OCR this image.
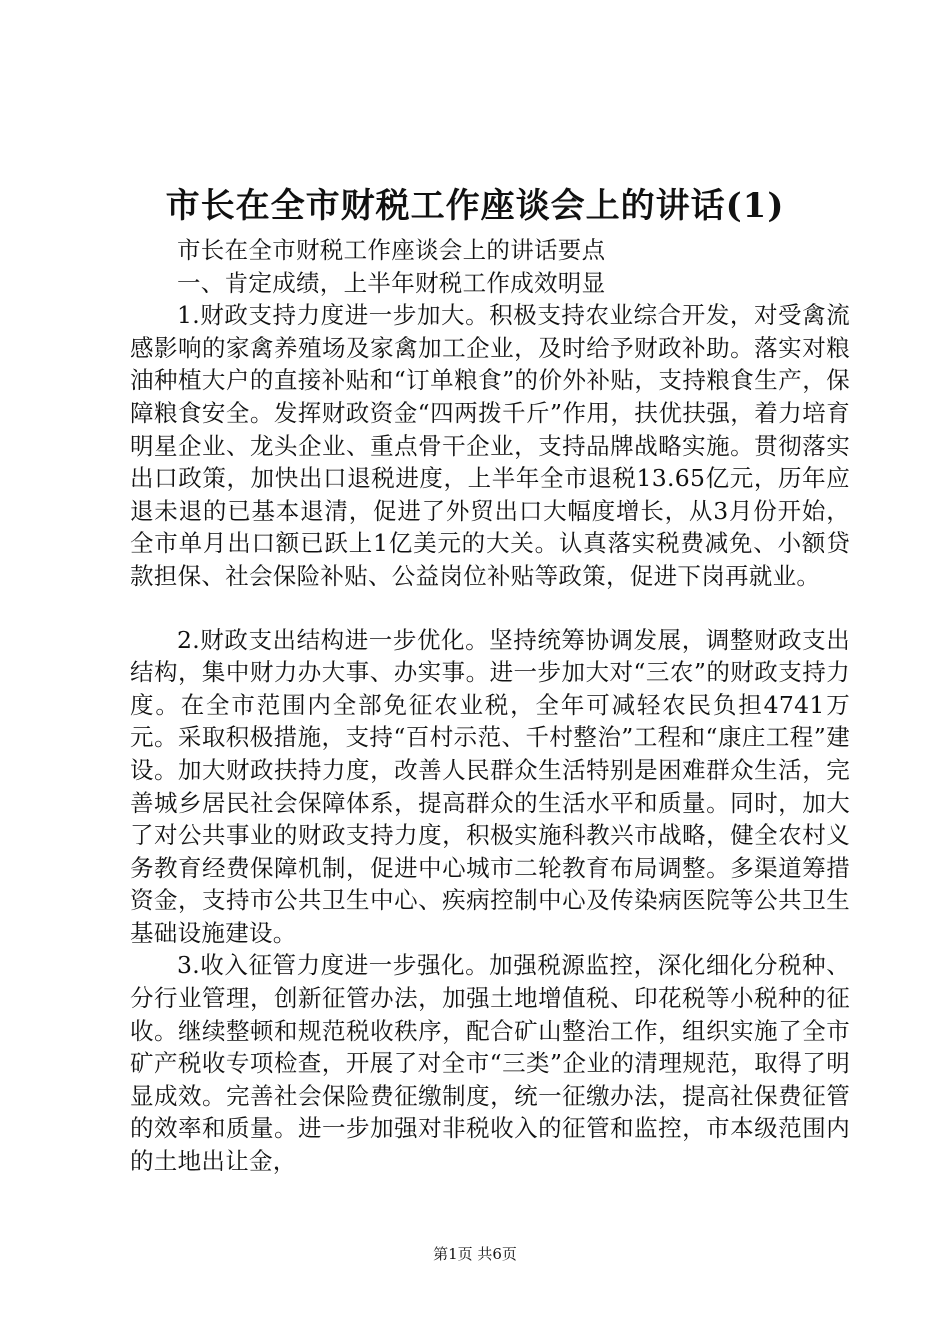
市长在全市财税工作座谈会上的讲话(1)

市长在全市财税工作座谈会上的讲话要点

一、肯定成绩，上半年财税工作成效明显

1.财政支持力度进一步加大。积极支持农业综合开发，对受禽流感影响的家禽养殖场及家禽加工企业，及时给予财政补助。落实对粮油种植大户的直接补贴和“订单粮食”的价外补贴，支持粮食生产，保障粮食安全。发挥财政资金“四两拨千斤”作用，扶优扶强，着力培育明星企业、龙头企业、重点骨干企业，支持品牌战略实施。贯彻落实出口政策，加快出口退税进度，上半年全市退税13.65亿元，历年应退未退的已基本退清，促进了外贸出口大幅度增长，从3月份开始，全市单月出口额已跃上1亿美元的大关。认真落实税费减免、小额贷款担保、社会保险补贴、公益岗位补贴等政策，促进下岗再就业。

2.财政支出结构进一步优化。坚持统筹协调发展，调整财政支出结构，集中财力办大事、办实事。进一步加大对“三农”的财政支持力度。在全市范围内全部免征农业税，全年可减轻农民负担4741万元。采取积极措施，支持“百村示范、千村整治”工程和“康庄工程”建设。加大财政扶持力度，改善人民群众生活特别是困难群众生活，完善城乡居民社会保障体系，提高群众的生活水平和质量。同时，加大了对公共事业的财政支持力度，积极实施科教兴市战略，健全农村义务教育经费保障机制，促进中心城市二轮教育布局调整。多渠道筹措资金，支持市公共卫生中心、疾病控制中心及传染病医院等公共卫生基础设施建设。

3.收入征管力度进一步强化。加强税源监控，深化细化分税种、分行业管理，创新征管办法，加强土地增值税、印花税等小税种的征收。继续整顿和规范税收秩序，配合矿山整治工作，组织实施了全市矿产税收专项检查，开展了对全市“三类”企业的清理规范，取得了明显成效。完善社会保险费征缴制度，统一征缴办法，提高社保费征管的效率和质量。进一步加强对非税收入的征管和监控，市本级范围内的土地出让金，

第1页 共6页
